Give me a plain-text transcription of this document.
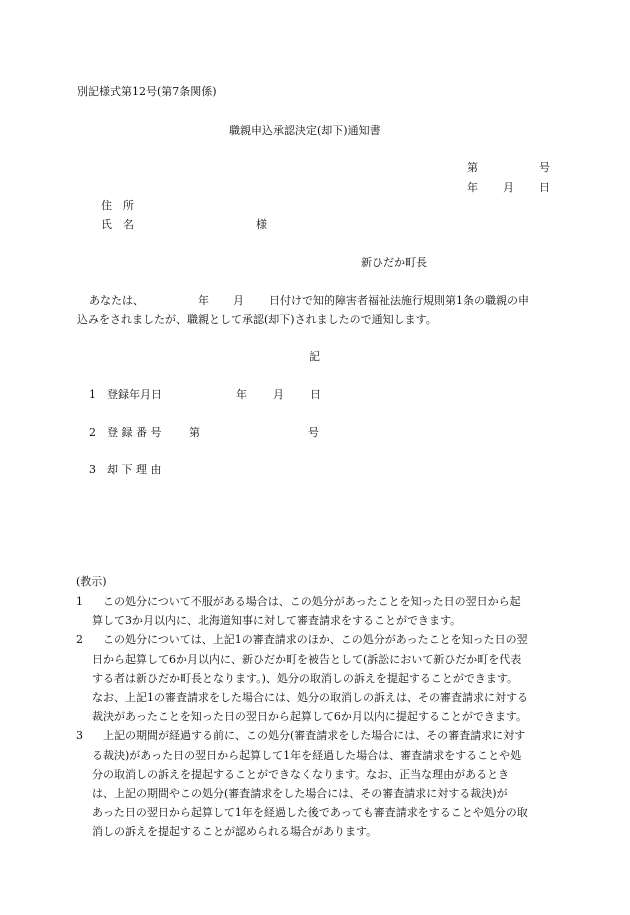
別記様式第12号(第7条関係)
職親申込承認決定(却下)通知書
第	号
年 月 日
住　所
氏　名	様
新ひだか町長
あなたは、	年 月 日付けで知的障害者福祉法施行規則第1条の職親の申
込みをされましたが、職親として承認(却下)されましたので通知します。
記
1 登録年月日	年 月 日
2 登 録 番 号	第	号
3 却 下 理 由
(教示)
1	この処分について不服がある場合は、この処分があったことを知った日の翌日から起
算して3か月以内に、北海道知事に対して審査請求をすることができます。
2	この処分については、上記1の審査請求のほか、この処分があったことを知った日の翌
日から起算して6か月以内に、新ひだか町を被告として(訴訟において新ひだか町を代表
する者は新ひだか町長となります。)、処分の取消しの訴えを提起することができます。
なお、上記1の審査請求をした場合には、処分の取消しの訴えは、その審査請求に対する
裁決があったことを知った日の翌日から起算して6か月以内に提起することができます。
3	上記の期間が経過する前に、この処分(審査請求をした場合には、その審査請求に対す
る裁決)があった日の翌日から起算して1年を経過した場合は、審査請求をすることや処
分の取消しの訴えを提起することができなくなります。なお、正当な理由があるとき
は、上記の期間やこの処分(審査請求をした場合には、その審査請求に対する裁決)が
あった日の翌日から起算して1年を経過した後であっても審査請求をすることや処分の取
消しの訴えを提起することが認められる場合があります。
